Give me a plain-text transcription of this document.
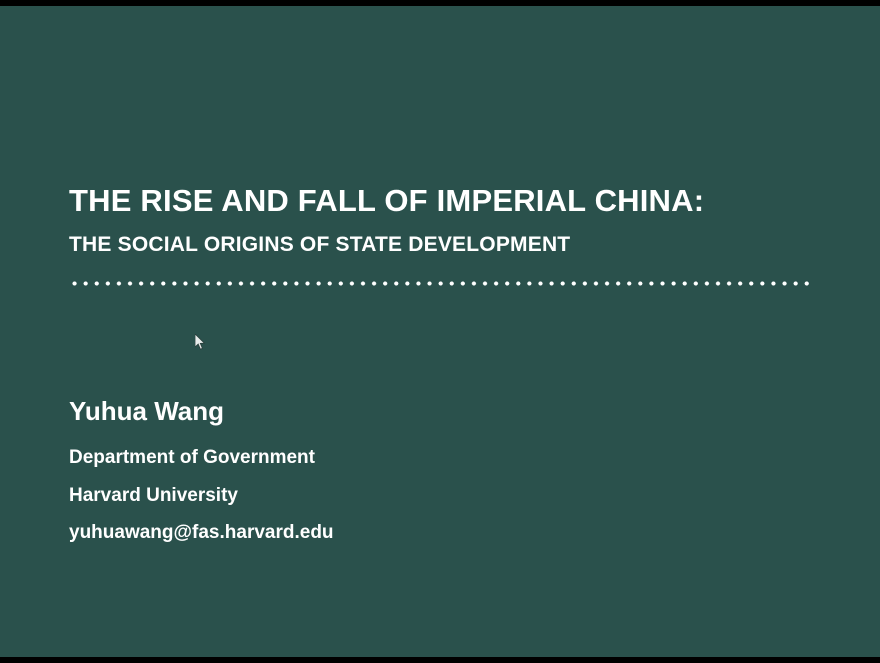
THE RISE AND FALL OF IMPERIAL CHINA:
THE SOCIAL ORIGINS OF STATE DEVELOPMENT

Yuhua Wang

Department of Government

Harvard University

yuhuawang@fas.harvard.edu
